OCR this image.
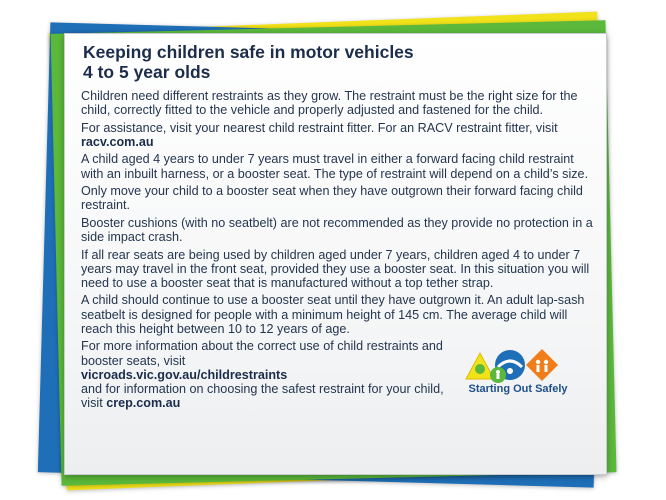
Keeping children safe in motor vehicles
4 to 5 year olds

Children need different restraints as they grow. The restraint must be the right size for the child, correctly fitted to the vehicle and properly adjusted and fastened for the child.

For assistance, visit your nearest child restraint fitter. For an RACV restraint fitter, visit racv.com.au

A child aged 4 years to under 7 years must travel in either a forward facing child restraint with an inbuilt harness, or a booster seat. The type of restraint will depend on a child’s size.

Only move your child to a booster seat when they have outgrown their forward facing child restraint.

Booster cushions (with no seatbelt) are not recommended as they provide no protection in a side impact crash.

If all rear seats are being used by children aged under 7 years, children aged 4 to under 7 years may travel in the front seat, provided they use a booster seat. In this situation you will need to use a booster seat that is manufactured without a top tether strap.

A child should continue to use a booster seat until they have outgrown it. An adult lap-sash seatbelt is designed for people with a minimum height of 145 cm. The average child will reach this height between 10 to 12 years of age.

For more information about the correct use of child restraints and booster seats, visit
vicroads.vic.gov.au/childrestraints
and for information on choosing the safest restraint for your child, visit crep.com.au

Starting Out Safely
